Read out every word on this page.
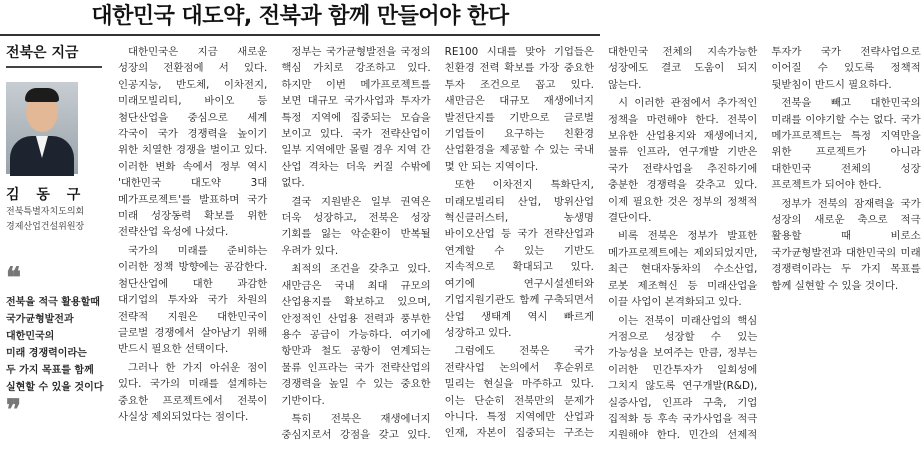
대한민국 대도약, 전북과 함께 만들어야 한다
전북은 지금
김 동 구
전북특별자치도의회
경제산업건설위원장
❝
전북을 적극 활용할때
국가균형발전과
대한민국의
미래 경쟁력이라는
두 가지 목표를 함께
실현할 수 있을 것이다
❞

대한민국은 지금 새로운 성장의 전환점에 서 있다. 인공지능, 반도체, 이차전지, 미래모빌리티, 바이오 등 첨단산업을 중심으로 세계 각국이 국가 경쟁력을 높이기 위한 치열한 경쟁을 벌이고 있다. 이러한 변화 속에서 정부 역시 '대한민국 대도약 3대 메가프로젝트'를 발표하며 국가 미래 성장동력 확보를 위한 전략산업 육성에 나섰다.

국가의 미래를 준비하는 이러한 정책 방향에는 공감한다. 첨단산업에 대한 과감한 대기업의 투자와 국가 차원의 전략적 지원은 대한민국이 글로벌 경쟁에서 살아남기 위해 반드시 필요한 선택이다.

그러나 한 가지 아쉬운 점이 있다. 국가의 미래를 설계하는 중요한 프로젝트에서 전북이 사실상 제외되었다는 점이다.

정부는 국가균형발전을 국정의 핵심 가치로 강조하고 있다. 하지만 이번 메가프로젝트를 보면 대규모 국가사업과 투자가 특정 지역에 집중되는 모습을 보이고 있다. 국가 전략산업이 일부 지역에만 몰릴 경우 지역 간 산업 격차는 더욱 커질 수밖에 없다.

결국 지원받은 일부 권역은 더욱 성장하고, 전북은 성장 기회를 잃는 악순환이 반복될 우려가 있다.

최적의 조건을 갖추고 있다. 새만금은 국내 최대 규모의 산업용지를 확보하고 있으며, 안정적인 산업용 전력과 풍부한 용수 공급이 가능하다. 여기에 항만과 철도 공항이 연계되는 물류 인프라는 국가 전략산업의 경쟁력을 높일 수 있는 중요한 기반이다.

특히 전북은 재생에너지 중심지로서 강점을 갖고 있다. RE100 시대를 맞아 기업들은 친환경 전력 확보를 가장 중요한 투자 조건으로 꼽고 있다. 새만금은 대규모 재생에너지 발전단지를 기반으로 글로벌 기업들이 요구하는 친환경 산업환경을 제공할 수 있는 국내 몇 안 되는 지역이다.

또한 이차전지 특화단지, 미래모빌리티 산업, 방위산업 혁신클러스터, 농생명 바이오산업 등 국가 전략산업과 연계할 수 있는 기반도 지속적으로 확대되고 있다. 여기에 연구시설센터와 기업지원기관도 함께 구축되면서 산업 생태계 역시 빠르게 성장하고 있다.

그럼에도 전북은 국가 전략사업 논의에서 후순위로 밀리는 현실을 마주하고 있다. 이는 단순히 전북만의 문제가 아니다. 특정 지역에만 산업과 인재, 자본이 집중되는 구조는 대한민국 전체의 지속가능한 성장에도 결코 도움이 되지 않는다.

시 이러한 관점에서 추가적인 정책을 마련해야 한다. 전북이 보유한 산업용지와 재생에너지, 물류 인프라, 연구개발 기반은 국가 전략사업을 추진하기에 충분한 경쟁력을 갖추고 있다. 이제 필요한 것은 정부의 정책적 결단이다.

비록 전북은 정부가 발표한 메가프로젝트에는 제외되었지만, 최근 현대자동차의 수소산업, 로봇 제조혁신 등 미래산업을 이끌 사업이 본격화되고 있다.

이는 전북이 미래산업의 핵심 거점으로 성장할 수 있는 가능성을 보여주는 만큼, 정부는 이러한 민간투자가 일회성에 그치지 않도록 연구개발(R&D), 실증사업, 인프라 구축, 기업 집적화 등 후속 국가사업을 적극 지원해야 한다. 민간의 선제적 투자가 국가 전략사업으로 이어질 수 있도록 정책적 뒷받침이 반드시 필요하다.

전북을 빼고 대한민국의 미래를 이야기할 수는 없다. 국가 메가프로젝트는 특정 지역만을 위한 프로젝트가 아니라 대한민국 전체의 성장 프로젝트가 되어야 한다.

정부가 전북의 잠재력을 국가 성장의 새로운 축으로 적극 활용할 때 비로소 국가균형발전과 대한민국의 미래 경쟁력이라는 두 가지 목표를 함께 실현할 수 있을 것이다.
